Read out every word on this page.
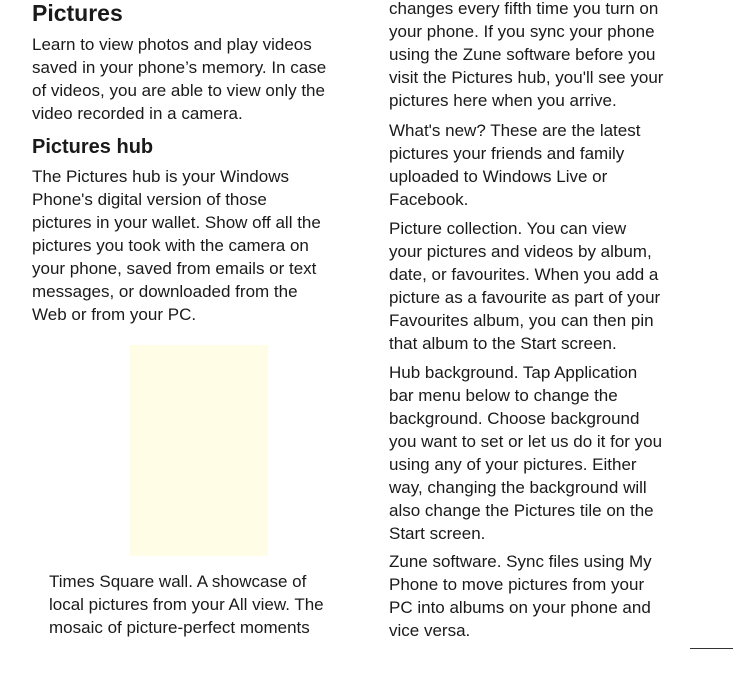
Pictures

Learn to view photos and play videos
saved in your phone’s memory. In case
of videos, you are able to view only the
video recorded in a camera.

Pictures hub

The Pictures hub is your Windows
Phone's digital version of those
pictures in your wallet. Show off all the
pictures you took with the camera on
your phone, saved from emails or text
messages, or downloaded from the
Web or from your PC.

Times Square wall. A showcase of
local pictures from your All view. The
mosaic of picture-perfect moments

changes every fifth time you turn on
your phone. If you sync your phone
using the Zune software before you
visit the Pictures hub, you'll see your
pictures here when you arrive.

What's new? These are the latest
pictures your friends and family
uploaded to Windows Live or
Facebook.

Picture collection. You can view
your pictures and videos by album,
date, or favourites. When you add a
picture as a favourite as part of your
Favourites album, you can then pin
that album to the Start screen.

Hub background. Tap Application
bar menu below to change the
background. Choose background
you want to set or let us do it for you
using any of your pictures. Either
way, changing the background will
also change the Pictures tile on the
Start screen.

Zune software. Sync files using My
Phone to move pictures from your
PC into albums on your phone and
vice versa.
